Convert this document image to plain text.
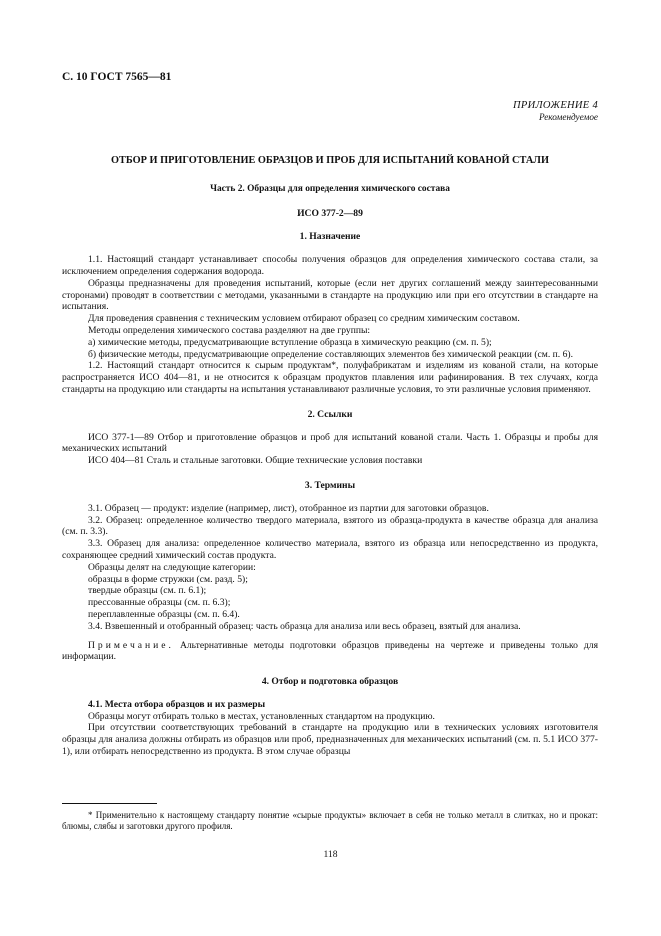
С. 10 ГОСТ 7565—81
ПРИЛОЖЕНИЕ 4
Рекомендуемое
ОТБОР И ПРИГОТОВЛЕНИЕ ОБРАЗЦОВ И ПРОБ ДЛЯ ИСПЫТАНИЙ КОВАНОЙ СТАЛИ
Часть 2. Образцы для определения химического состава
ИСО 377-2—89
1. Назначение

1.1. Настоящий стандарт устанавливает способы получения образцов для определения химического состава стали, за исключением определения содержания водорода.

Образцы предназначены для проведения испытаний, которые (если нет других соглашений между заинтересованными сторонами) проводят в соответствии с методами, указанными в стандарте на продукцию или при его отсутствии в стандарте на испытания.

Для проведения сравнения с техническим условием отбирают образец со средним химическим составом.

Методы определения химического состава разделяют на две группы:

а) химические методы, предусматривающие вступление образца в химическую реакцию (см. п. 5);

б) физические методы, предусматривающие определение составляющих элементов без химической реакции (см. п. 6).

1.2. Настоящий стандарт относится к сырым продуктам*, полуфабрикатам и изделиям из кованой стали, на которые распространяется ИСО 404—81, и не относится к образцам продуктов плавления или рафинирования. В тех случаях, когда стандарты на продукцию или стандарты на испытания устанавливают различные условия, то эти различные условия применяют.

2. Ссылки

ИСО 377-1—89 Отбор и приготовление образцов и проб для испытаний кованой стали. Часть 1. Образцы и пробы для механических испытаний

ИСО 404—81 Сталь и стальные заготовки. Общие технические условия поставки

3. Термины

3.1. Образец — продукт: изделие (например, лист), отобранное из партии для заготовки образцов.

3.2. Образец: определенное количество твердого материала, взятого из образца-продукта в качестве образца для анализа (см. п. 3.3).

3.3. Образец для анализа: определенное количество материала, взятого из образца или непосредственно из продукта, сохраняющее средний химический состав продукта.

Образцы делят на следующие категории:

образцы в форме стружки (см. разд. 5);

твердые образцы (см. п. 6.1);

прессованные образцы (см. п. 6.3);

переплавленные образцы (см. п. 6.4).

3.4. Взвешенный и отобранный образец: часть образца для анализа или весь образец, взятый для анализа.

Примечание. Альтернативные методы подготовки образцов приведены на чертеже и приведены только для информации.

4. Отбор и подготовка образцов
4.1. Места отбора образцов и их размеры

Образцы могут отбирать только в местах, установленных стандартом на продукцию.

При отсутствии соответствующих требований в стандарте на продукцию или в технических условиях изготовителя образцы для анализа должны отбирать из образцов или проб, предназначенных для механических испытаний (см. п. 5.1 ИСО 377-1), или отбирать непосредственно из продукта. В этом случае образцы

* Применительно к настоящему стандарту понятие «сырые продукты» включает в себя не только металл в слитках, но и прокат: блюмы, слябы и заготовки другого профиля.
118
